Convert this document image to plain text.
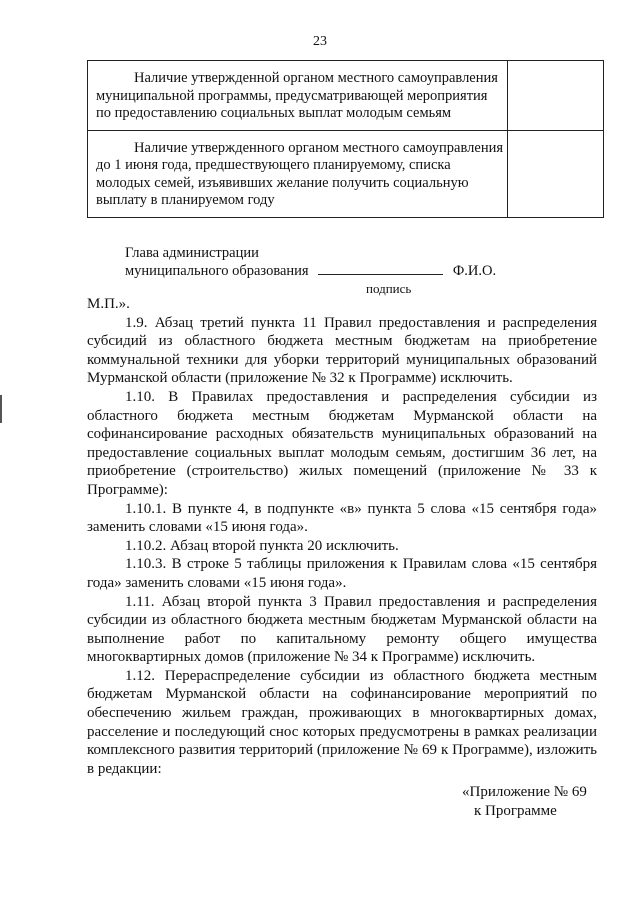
23
Наличие утвержденной органом местного самоуправления муниципальной программы, предусматривающей мероприятия по предоставлению социальных выплат молодым семьям	

Наличие утвержденного органом местного самоуправления до 1 июня года, предшествующего планируемому, списка молодых семей, изъявивших желание получить социальную выплату в планируемом году	

Глава администрации
муниципального образования	Ф.И.О.
подпись

М.П.».

1.9. Абзац третий пункта 11 Правил предоставления и распределения субсидий из областного бюджета местным бюджетам на приобретение коммунальной техники для уборки территорий муниципальных образований Мурманской области (приложение № 32 к Программе) исключить.

1.10. В Правилах предоставления и распределения субсидии из областного бюджета местным бюджетам Мурманской области на софинансирование расходных обязательств муниципальных образований на предоставление социальных выплат молодым семьям, достигшим 36 лет, на приобретение (строительство) жилых помещений (приложение № 33 к Программе):

1.10.1. В пункте 4, в подпункте «в» пункта 5 слова «15 сентября года» заменить словами «15 июня года».

1.10.2. Абзац второй пункта 20 исключить.

1.10.3. В строке 5 таблицы приложения к Правилам слова «15 сентября года» заменить словами «15 июня года».

1.11. Абзац второй пункта 3 Правил предоставления и распределения субсидии из областного бюджета местным бюджетам Мурманской области на выполнение работ по капитальному ремонту общего имущества многоквартирных домов (приложение № 34 к Программе) исключить.

1.12. Перераспределение субсидии из областного бюджета местным бюджетам Мурманской области на софинансирование мероприятий по обеспечению жильем граждан, проживающих в многоквартирных домах, расселение и последующий снос которых предусмотрены в рамках реализации комплексного развития территорий (приложение № 69 к Программе), изложить в редакции:

«Приложение № 69
к Программе
